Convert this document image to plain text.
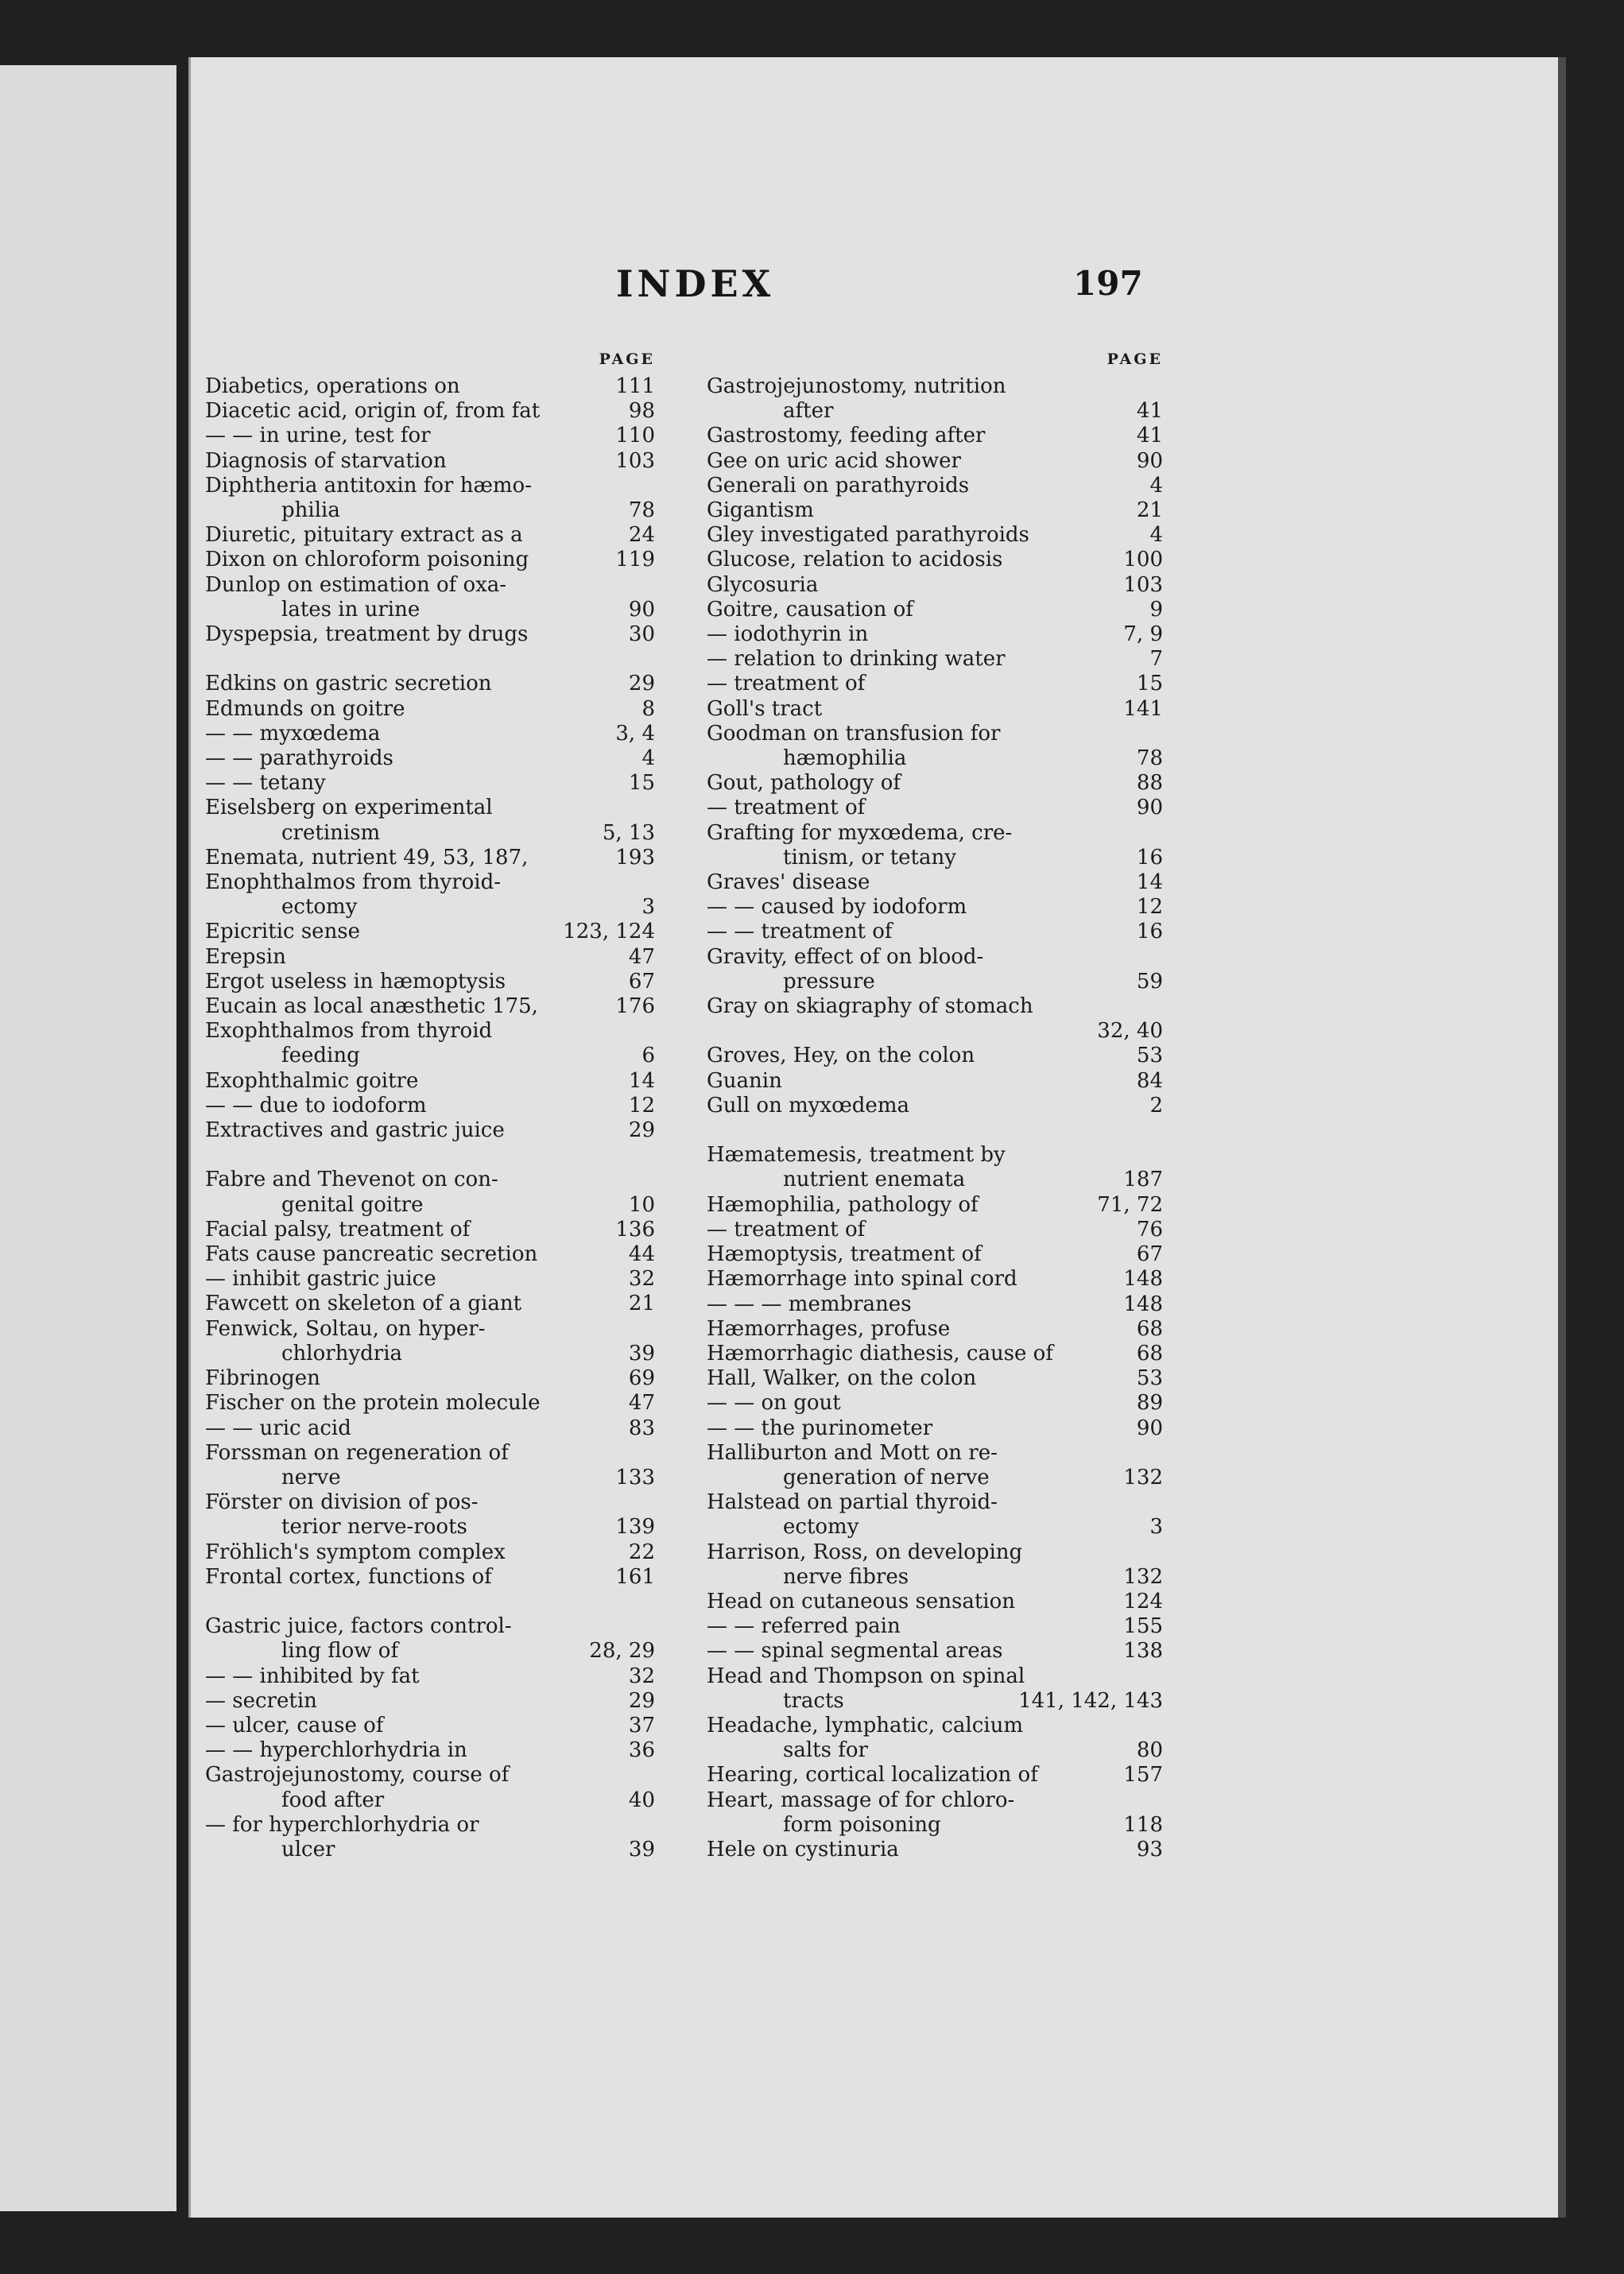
INDEX	197
PAGE
Diabetics, operations on	111
Diacetic acid, origin of, from fat	98
— — in urine, test for	110
Diagnosis of starvation	103
Diphtheria antitoxin for hæmo-
philia	78
Diuretic, pituitary extract as a	24
Dixon on chloroform poisoning	119
Dunlop on estimation of oxa-
lates in urine	90
Dyspepsia, treatment by drugs	30
Edkins on gastric secretion	29
Edmunds on goitre	8
— — myxœdema	3, 4
— — parathyroids	4
— — tetany	15
Eiselsberg on experimental
cretinism	5, 13
Enemata, nutrient 49, 53, 187,	193
Enophthalmos from thyroid-
ectomy	3
Epicritic sense	123, 124
Erepsin	47
Ergot useless in hæmoptysis	67
Eucain as local anæsthetic 175,	176
Exophthalmos from thyroid
feeding	6
Exophthalmic goitre	14
— — due to iodoform	12
Extractives and gastric juice	29
Fabre and Thevenot on con-
genital goitre	10
Facial palsy, treatment of	136
Fats cause pancreatic secretion	44
— inhibit gastric juice	32
Fawcett on skeleton of a giant	21
Fenwick, Soltau, on hyper-
chlorhydria	39
Fibrinogen	69
Fischer on the protein molecule	47
— — uric acid	83
Forssman on regeneration of
nerve	133
Förster on division of pos-
terior nerve-roots	139
Fröhlich's symptom complex	22
Frontal cortex, functions of	161
Gastric juice, factors control-
ling flow of	28, 29
— — inhibited by fat	32
— secretin	29
— ulcer, cause of	37
— — hyperchlorhydria in	36
Gastrojejunostomy, course of
food after	40
— for hyperchlorhydria or
ulcer	39
PAGE
Gastrojejunostomy, nutrition
after	41
Gastrostomy, feeding after	41
Gee on uric acid shower	90
Generali on parathyroids	4
Gigantism	21
Gley investigated parathyroids	4
Glucose, relation to acidosis	100
Glycosuria	103
Goitre, causation of	9
— iodothyrin in	7, 9
— relation to drinking water	7
— treatment of	15
Goll's tract	141
Goodman on transfusion for
hæmophilia	78
Gout, pathology of	88
— treatment of	90
Grafting for myxœdema, cre-
tinism, or tetany	16
Graves' disease	14
— — caused by iodoform	12
— — treatment of	16
Gravity, effect of on blood-
pressure	59
Gray on skiagraphy of stomach
32, 40
Groves, Hey, on the colon	53
Guanin	84
Gull on myxœdema	2
Hæmatemesis, treatment by
nutrient enemata	187
Hæmophilia, pathology of	71, 72
— treatment of	76
Hæmoptysis, treatment of	67
Hæmorrhage into spinal cord	148
— — — membranes	148
Hæmorrhages, profuse	68
Hæmorrhagic diathesis, cause of	68
Hall, Walker, on the colon	53
— — on gout	89
— — the purinometer	90
Halliburton and Mott on re-
generation of nerve	132
Halstead on partial thyroid-
ectomy	3
Harrison, Ross, on developing
nerve fibres	132
Head on cutaneous sensation	124
— — referred pain	155
— — spinal segmental areas	138
Head and Thompson on spinal
tracts	141, 142, 143
Headache, lymphatic, calcium
salts for	80
Hearing, cortical localization of	157
Heart, massage of for chloro-
form poisoning	118
Hele on cystinuria	93
